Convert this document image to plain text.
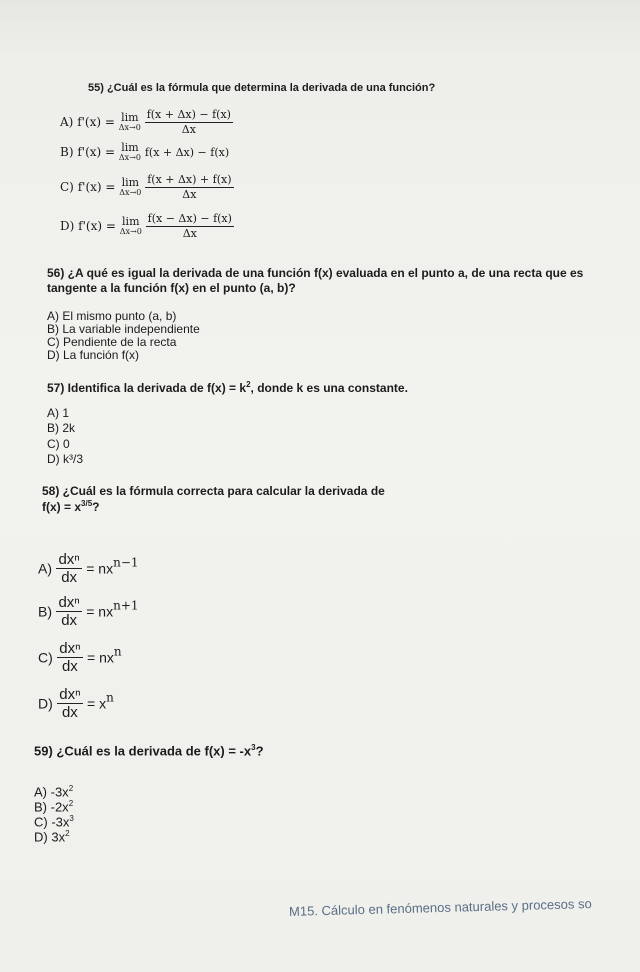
55) ¿Cuál es la fórmula que determina la derivada de una función?
A) f'(x) = lim
Δx→0
$\frac{f(x + \Delta x) - f(x)}{\Delta x}$
B) f'(x) = lim
Δx→0 f(x + Δx) − f(x)
C) f'(x) = lim
Δx→0
$\frac{f(x + \Delta x) + f(x)}{\Delta x}$
D) f'(x) = lim
Δx→0
$\frac{f(x - \Delta x) - f(x)}{\Delta x}$
56) ¿A qué es igual la derivada de una función f(x) evaluada en el punto a, de una recta que es
tangente a la función f(x) en el punto (a, b)?
A) El mismo punto (a, b)
B) La variable independiente
C) Pendiente de la recta
D) La función f(x)
57) Identifica la derivada de $f(x) = k^2$, donde k es una constante.
A) 1
B) 2k
C) 0
D) k³/3
58) ¿Cuál es la fórmula correcta para calcular la derivada de
$f(x) = x^{3/5}$?
$A) \frac{\text{dxⁿ}}{dx} = nx^{n-1}$
$B) \frac{\text{dxⁿ}}{dx} = nx^{n+1}$
$C) \frac{\text{dxⁿ}}{dx} = nx^n$
$D) \frac{\text{dxⁿ}}{dx} = x^n$
59) ¿Cuál es la derivada de $f(x) = -x^3$?
A) $-3x^2$
B) $-2x^2$
C) $-3x^3$
D) $3x^2$
M15. Cálculo en fenómenos naturales y procesos so
